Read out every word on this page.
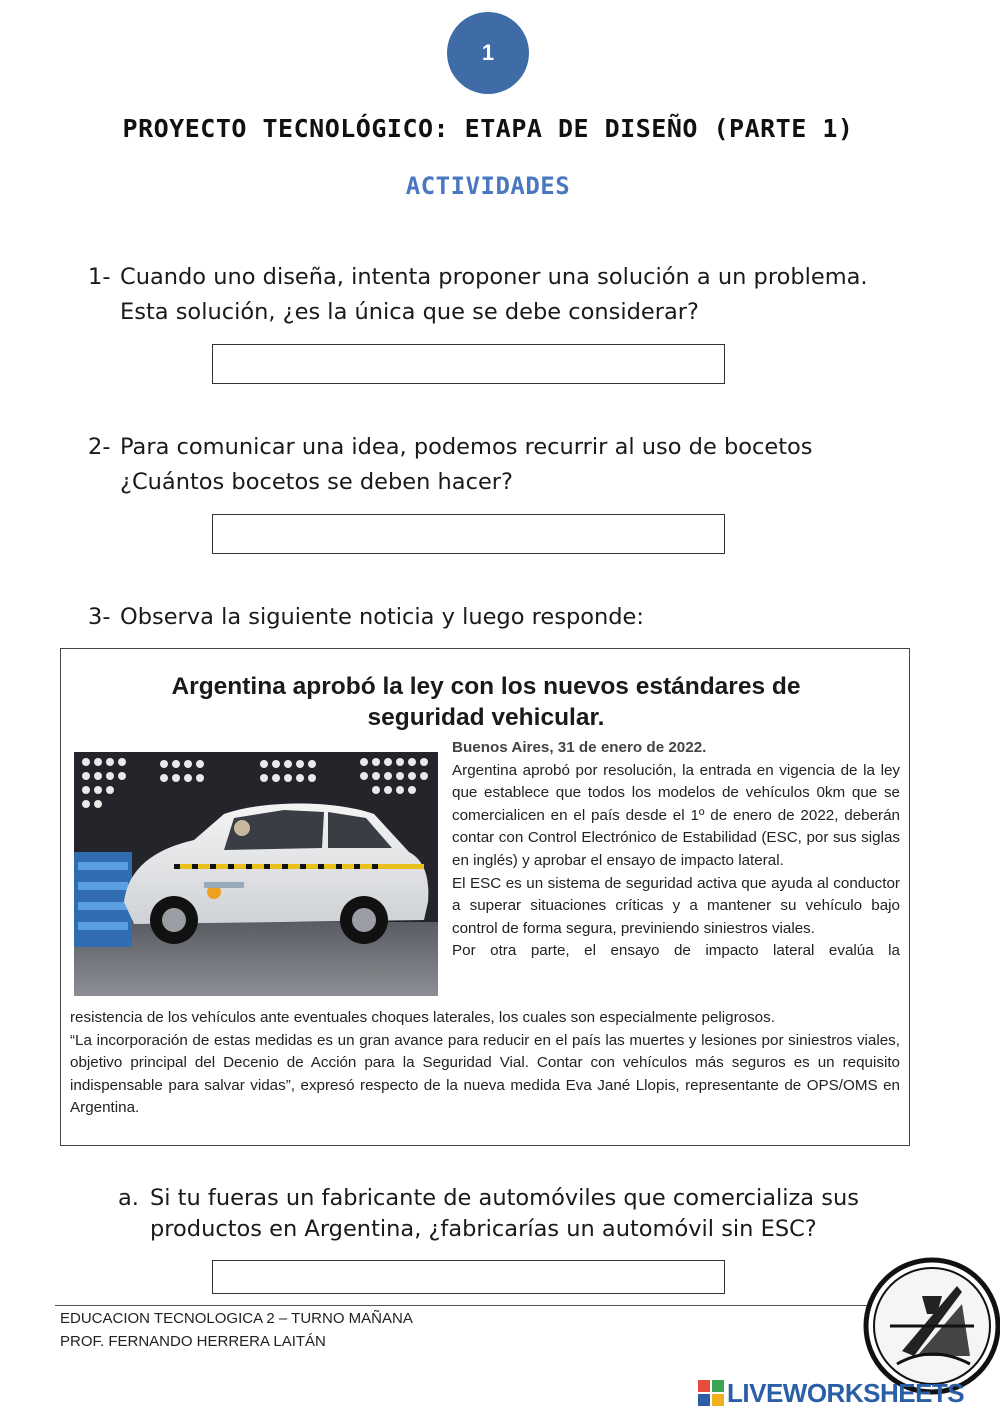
1
PROYECTO TECNOLÓGICO: ETAPA DE DISEÑO (PARTE 1)
ACTIVIDADES
1- Cuando uno diseña, intenta proponer una solución a un problema. Esta solución, ¿es la única que se debe considerar?
2- Para comunicar una idea, podemos recurrir al uso de bocetos ¿Cuántos bocetos se deben hacer?
3- Observa la siguiente noticia y luego responde:
Argentina aprobó la ley con los nuevos estándares de seguridad vehicular.
Buenos Aires, 31 de enero de 2022.
Argentina aprobó por resolución, la entrada en vigencia de la ley que establece que todos los modelos de vehículos 0km que se comercialicen en el país desde el 1º de enero de 2022, deberán contar con Control Electrónico de Estabilidad (ESC, por sus siglas en inglés) y aprobar el ensayo de impacto lateral.
El ESC es un sistema de seguridad activa que ayuda al conductor a superar situaciones críticas y a mantener su vehículo bajo control de forma segura, previniendo siniestros viales.
Por otra parte, el ensayo de impacto lateral evalúa la
resistencia de los vehículos ante eventuales choques laterales, los cuales son especialmente peligrosos.
“La incorporación de estas medidas es un gran avance para reducir en el país las muertes y lesiones por siniestros viales, objetivo principal del Decenio de Acción para la Seguridad Vial. Contar con vehículos más seguros es un requisito indispensable para salvar vidas”, expresó respecto de la nueva medida Eva Jané Llopis, representante de OPS/OMS en Argentina.
a. Si tu fueras un fabricante de automóviles que comercializa sus productos en Argentina, ¿fabricarías un automóvil sin ESC?
EDUCACION TECNOLOGICA 2 – TURNO MAÑANA
PROF. FERNANDO HERRERA LAITÁN
LIVEWORKSHEETS
